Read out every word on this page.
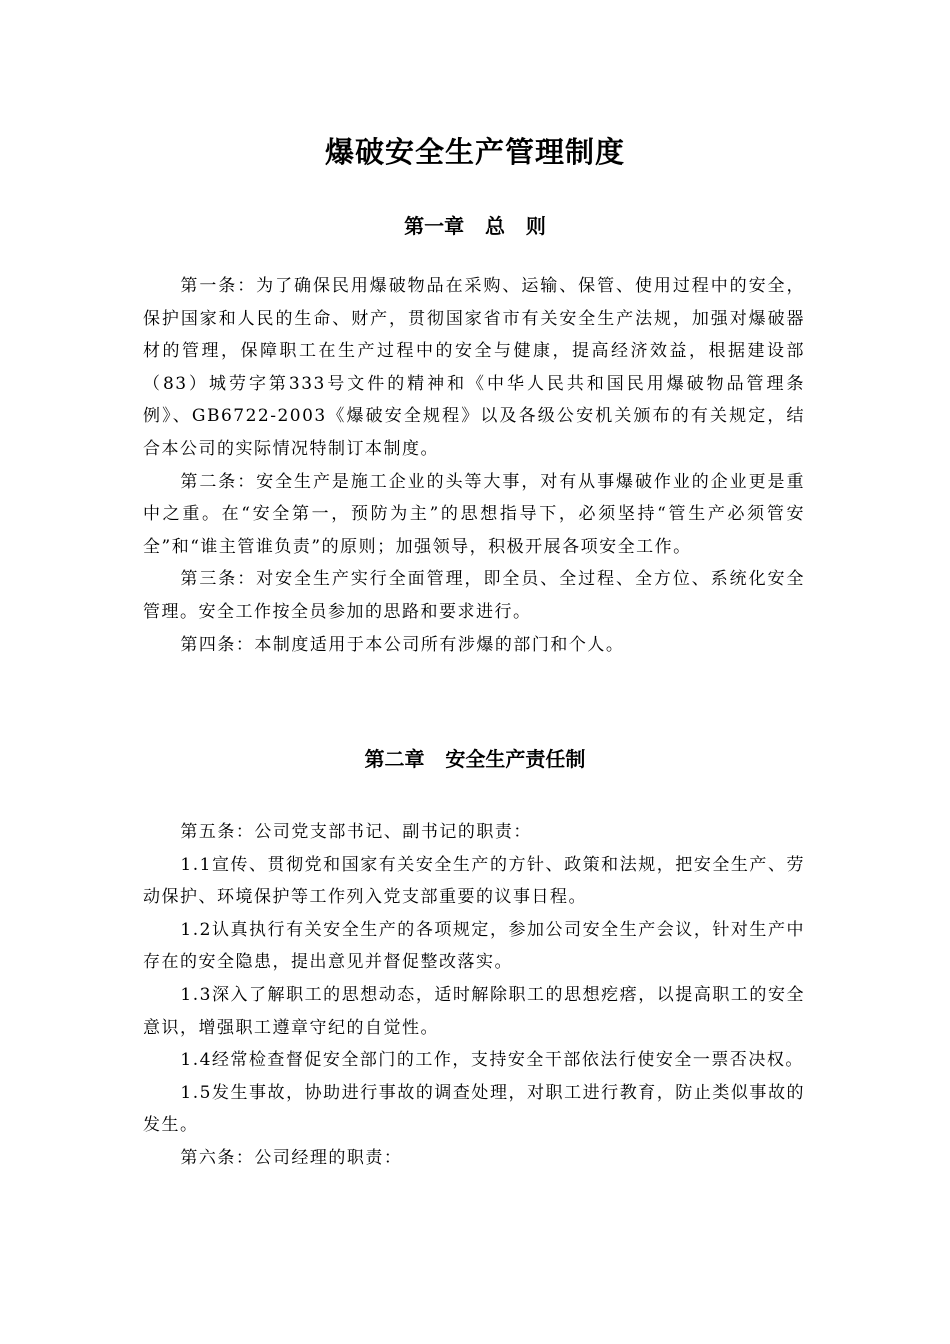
爆破安全生产管理制度
第一章   总   则

第一条：为了确保民用爆破物品在采购、运输、保管、使用过程中的安全，保护国家和人民的生命、财产，贯彻国家省市有关安全生产法规，加强对爆破器材的管理，保障职工在生产过程中的安全与健康，提高经济效益，根据建设部（83）城劳字第333号文件的精神和《中华人民共和国民用爆破物品管理条例》、GB6722-2003《爆破安全规程》以及各级公安机关颁布的有关规定，结合本公司的实际情况特制订本制度。

第二条：安全生产是施工企业的头等大事，对有从事爆破作业的企业更是重中之重。在“安全第一，预防为主”的思想指导下，必须坚持“管生产必须管安全”和“谁主管谁负责”的原则；加强领导，积极开展各项安全工作。

第三条：对安全生产实行全面管理，即全员、全过程、全方位、系统化安全管理。安全工作按全员参加的思路和要求进行。

第四条：本制度适用于本公司所有涉爆的部门和个人。

第二章   安全生产责任制

第五条：公司党支部书记、副书记的职责：

1.1宣传、贯彻党和国家有关安全生产的方针、政策和法规，把安全生产、劳动保护、环境保护等工作列入党支部重要的议事日程。

1.2认真执行有关安全生产的各项规定，参加公司安全生产会议，针对生产中存在的安全隐患，提出意见并督促整改落实。

1.3深入了解职工的思想动态，适时解除职工的思想疙瘩，以提高职工的安全意识，增强职工遵章守纪的自觉性。

1.4经常检查督促安全部门的工作，支持安全干部依法行使安全一票否决权。

1.5发生事故，协助进行事故的调查处理，对职工进行教育，防止类似事故的发生。

第六条：公司经理的职责：
